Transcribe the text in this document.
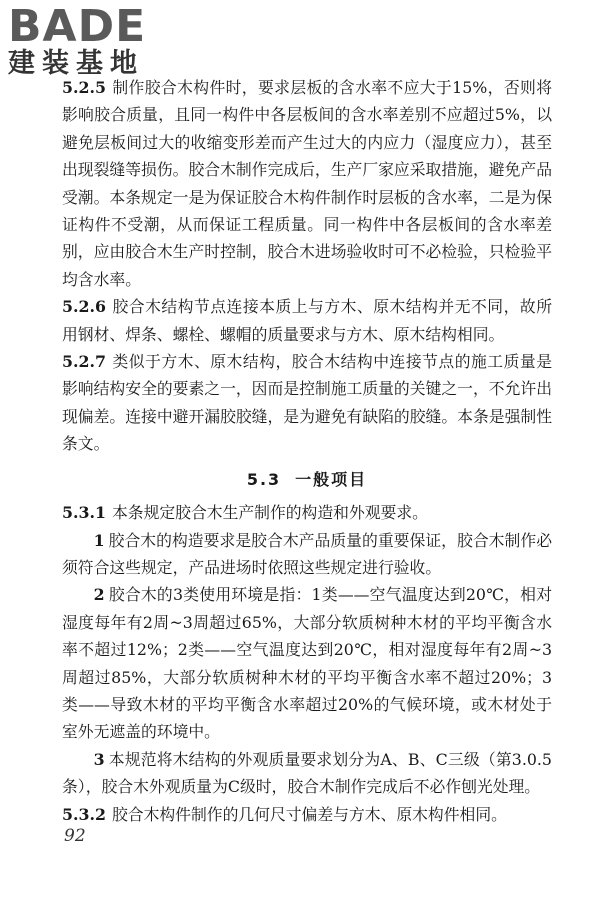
BADE
建装基地

5.2.5 制作胶合木构件时，要求层板的含水率不应大于15%，否则将影响胶合质量，且同一构件中各层板间的含水率差别不应超过5%，以避免层板间过大的收缩变形差而产生过大的内应力（湿度应力），甚至出现裂缝等损伤。胶合木制作完成后，生产厂家应采取措施，避免产品受潮。本条规定一是为保证胶合木构件制作时层板的含水率，二是为保证构件不受潮，从而保证工程质量。同一构件中各层板间的含水率差别，应由胶合木生产时控制，胶合木进场验收时可不必检验，只检验平均含水率。

5.2.6 胶合木结构节点连接本质上与方木、原木结构并无不同，故所用钢材、焊条、螺栓、螺帽的质量要求与方木、原木结构相同。

5.2.7 类似于方木、原木结构，胶合木结构中连接节点的施工质量是影响结构安全的要素之一，因而是控制施工质量的关键之一，不允许出现偏差。连接中避开漏胶胶缝，是为避免有缺陷的胶缝。本条是强制性条文。

5.3 一般项目

5.3.1 本条规定胶合木生产制作的构造和外观要求。

1 胶合木的构造要求是胶合木产品质量的重要保证，胶合木制作必须符合这些规定，产品进场时依照这些规定进行验收。

2 胶合木的3类使用环境是指：1类——空气温度达到20℃，相对湿度每年有2周~3周超过65%，大部分软质树种木材的平均平衡含水率不超过12%；2类——空气温度达到20℃，相对湿度每年有2周~3周超过85%，大部分软质树种木材的平均平衡含水率不超过20%；3类——导致木材的平均平衡含水率超过20%的气候环境，或木材处于室外无遮盖的环境中。

3 本规范将木结构的外观质量要求划分为A、B、C三级（第3.0.5条），胶合木外观质量为C级时，胶合木制作完成后不必作刨光处理。

5.3.2 胶合木构件制作的几何尺寸偏差与方木、原木构件相同。

92
